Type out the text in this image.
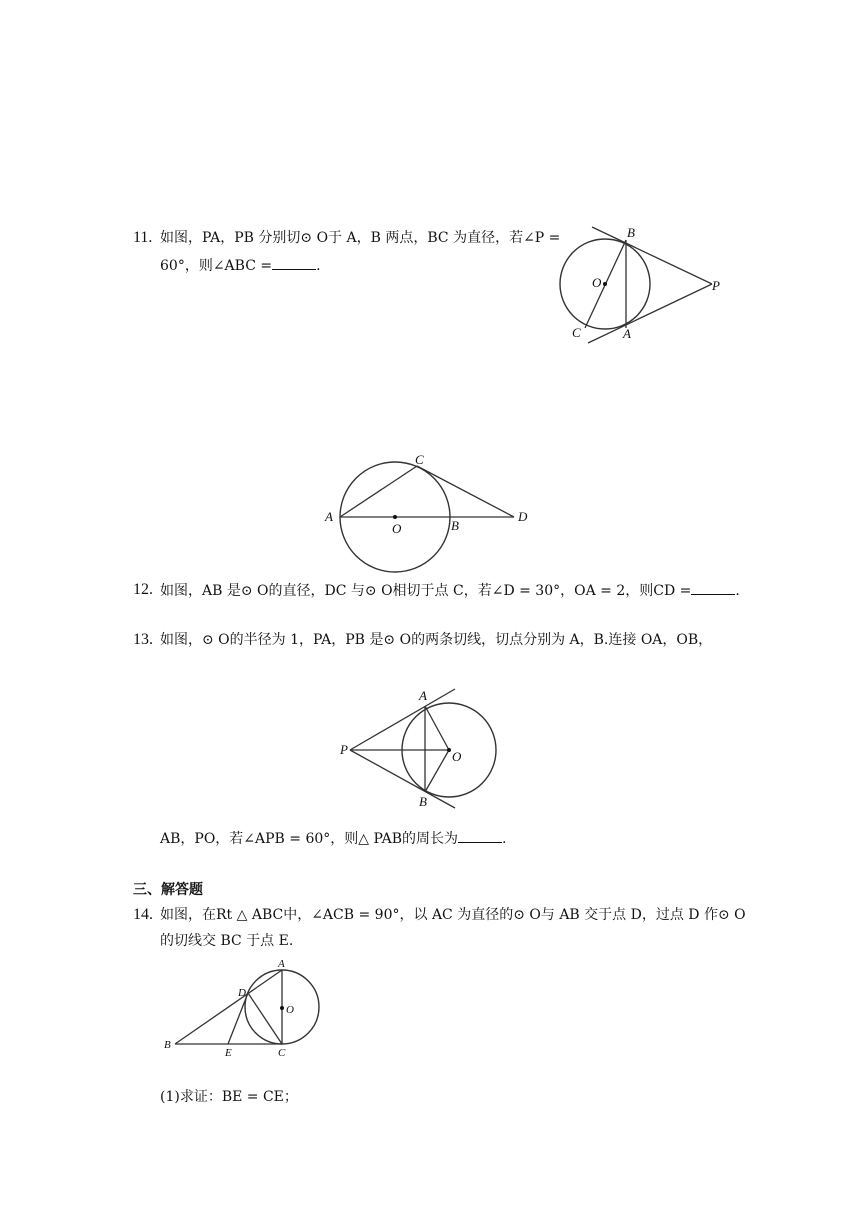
11. 如图，PA，PB 分别切⊙ O于 A，B 两点，BC 为直径，若∠P =
60°，则∠ABC =	.
B
O	P
C	A
A
O	B
C
D
12. 如图，AB 是⊙ O的直径，DC 与⊙ O相切于点 C，若∠D = 30°，OA = 2，则CD =	.
13. 如图，⊙ O的半径为 1，PA，PB 是⊙ O的两条切线，切点分别为 A，B.连接 OA，OB，
A
P	O
B
AB，PO，若∠APB = 60°，则△ PAB的周长为	.
三、解答题
14. 如图，在Rt △ ABC中，∠ACB = 90°，以 AC 为直径的⊙ O与 AB 交于点 D，过点 D 作⊙ O
的切线交 BC 于点 E.
A
D
O
B
E	C
(1)求证：BE = CE；
